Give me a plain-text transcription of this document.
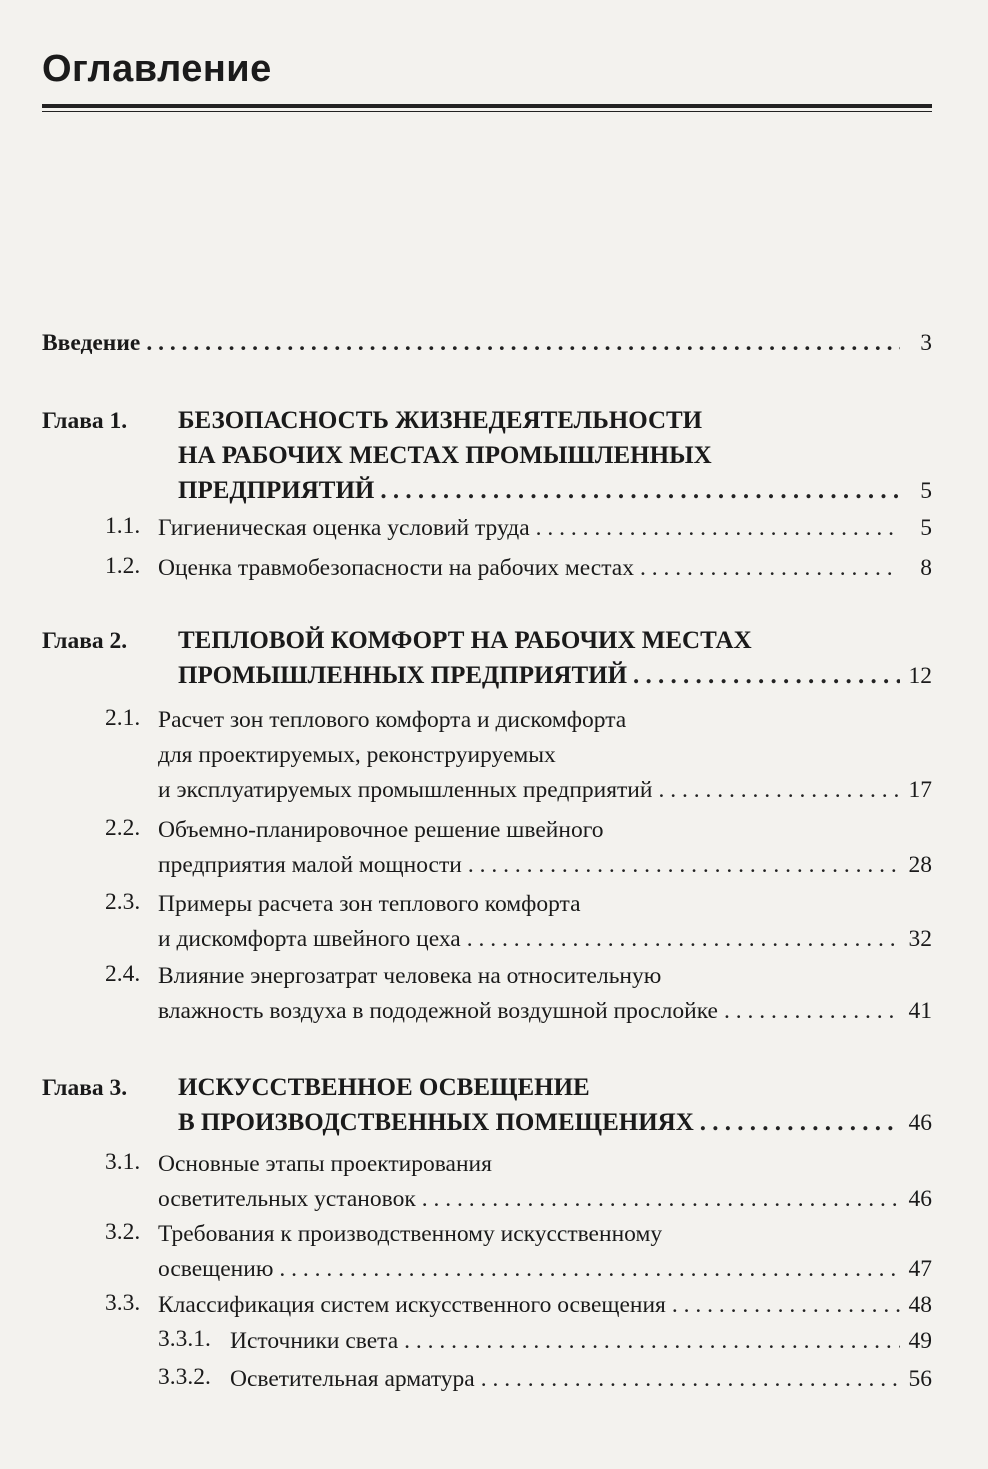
Оглавление
Введение . . .	3
Глава 1. БЕЗОПАСНОСТЬ ЖИЗНЕДЕЯТЕЛЬНОСТИ
НА РАБОЧИХ МЕСТАХ ПРОМЫШЛЕННЫХ
ПРЕДПРИЯТИЙ . . .	5
1.1. Гигиеническая оценка условий труда . . .	5
1.2. Оценка травмобезопасности на рабочих местах . . .	8
Глава 2. ТЕПЛОВОЙ КОМФОРТ НА РАБОЧИХ МЕСТАХ
ПРОМЫШЛЕННЫХ ПРЕДПРИЯТИЙ . . .	12
2.1. Расчет зон теплового комфорта и дискомфорта
для проектируемых, реконструируемых
и эксплуатируемых промышленных предприятий . . .	17
2.2. Объемно-планировочное решение швейного
предприятия малой мощности . . .	28
2.3. Примеры расчета зон теплового комфорта
и дискомфорта швейного цеха . . .	32
2.4. Влияние энергозатрат человека на относительную
влажность воздуха в пододежной воздушной прослойке . . .	41
Глава 3. ИСКУССТВЕННОЕ ОСВЕЩЕНИЕ
В ПРОИЗВОДСТВЕННЫХ ПОМЕЩЕНИЯХ . . .	46
3.1. Основные этапы проектирования
осветительных установок . . .	46
3.2. Требования к производственному искусственному
освещению . . .	47
3.3. Классификация систем искусственного освещения . . .	48
3.3.1. Источники света . . .	49
3.3.2. Осветительная арматура . . .	56
